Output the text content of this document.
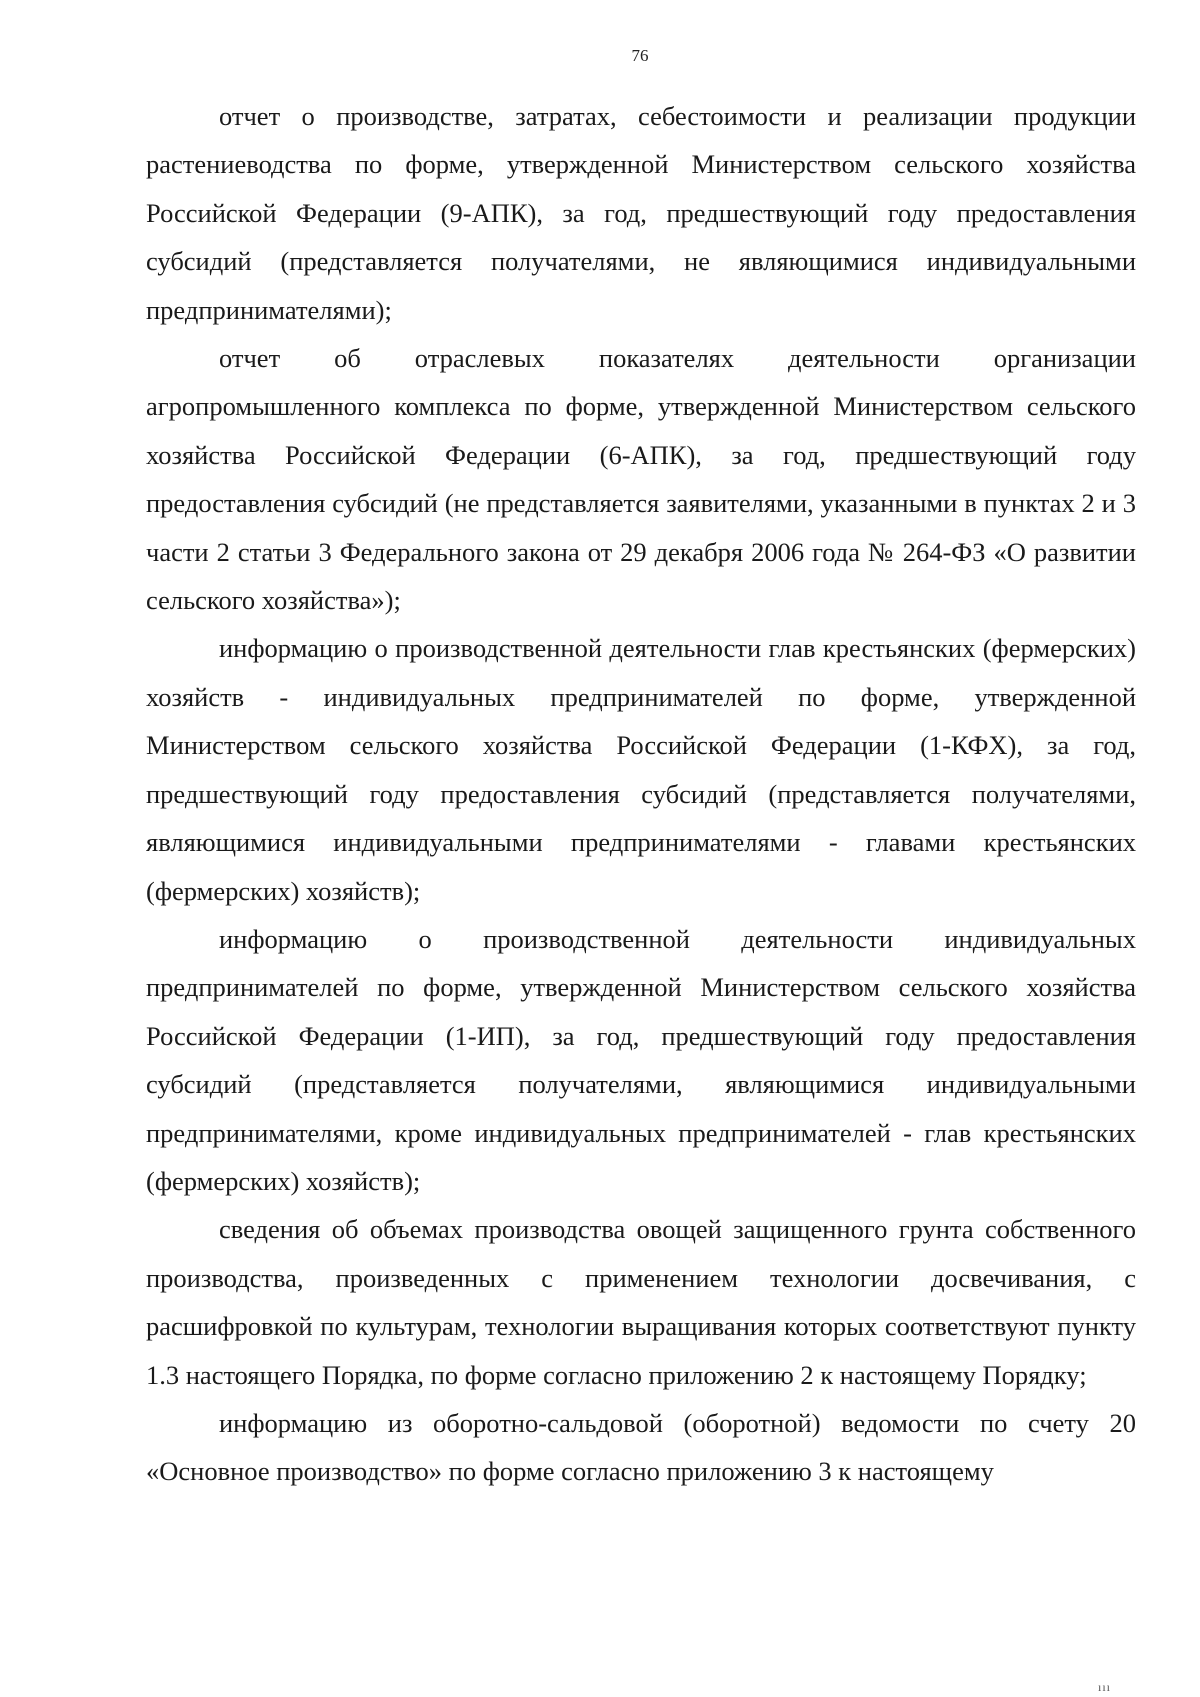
76

отчет о производстве, затратах, себестоимости и реализации продукции растениеводства по форме, утвержденной Министерством сельского хозяйства Российской Федерации (9-АПК), за год, предшествующий году предоставления субсидий (представляется получателями, не являющимися индивидуальными предпринимателями);

отчет об отраслевых показателях деятельности организации агропромышленного комплекса по форме, утвержденной Министерством сельского хозяйства Российской Федерации (6-АПК), за год, предшествующий году предоставления субсидий (не представляется заявителями, указанными в пунктах 2 и 3 части 2 статьи 3 Федерального закона от 29 декабря 2006 года № 264-ФЗ «О развитии сельского хозяйства»);

информацию о производственной деятельности глав крестьянских (фермерских) хозяйств - индивидуальных предпринимателей по форме, утвержденной Министерством сельского хозяйства Российской Федерации (1-КФХ), за год, предшествующий году предоставления субсидий (представляется получателями, являющимися индивидуальными предпринимателями - главами крестьянских (фермерских) хозяйств);

информацию о производственной деятельности индивидуальных предпринимателей по форме, утвержденной Министерством сельского хозяйства Российской Федерации (1-ИП), за год, предшествующий году предоставления субсидий (представляется получателями, являющимися индивидуальными предпринимателями, кроме индивидуальных предпринимателей - глав крестьянских (фермерских) хозяйств);

сведения об объемах производства овощей защищенного грунта собственного производства, произведенных с применением технологии досвечивания, с расшифровкой по культурам, технологии выращивания которых соответствуют пункту 1.3 настоящего Порядка, по форме согласно приложению 2 к настоящему Порядку;

информацию из оборотно-сальдовой (оборотной) ведомости по счету 20 «Основное производство» по форме согласно приложению 3 к настоящему

ııı
